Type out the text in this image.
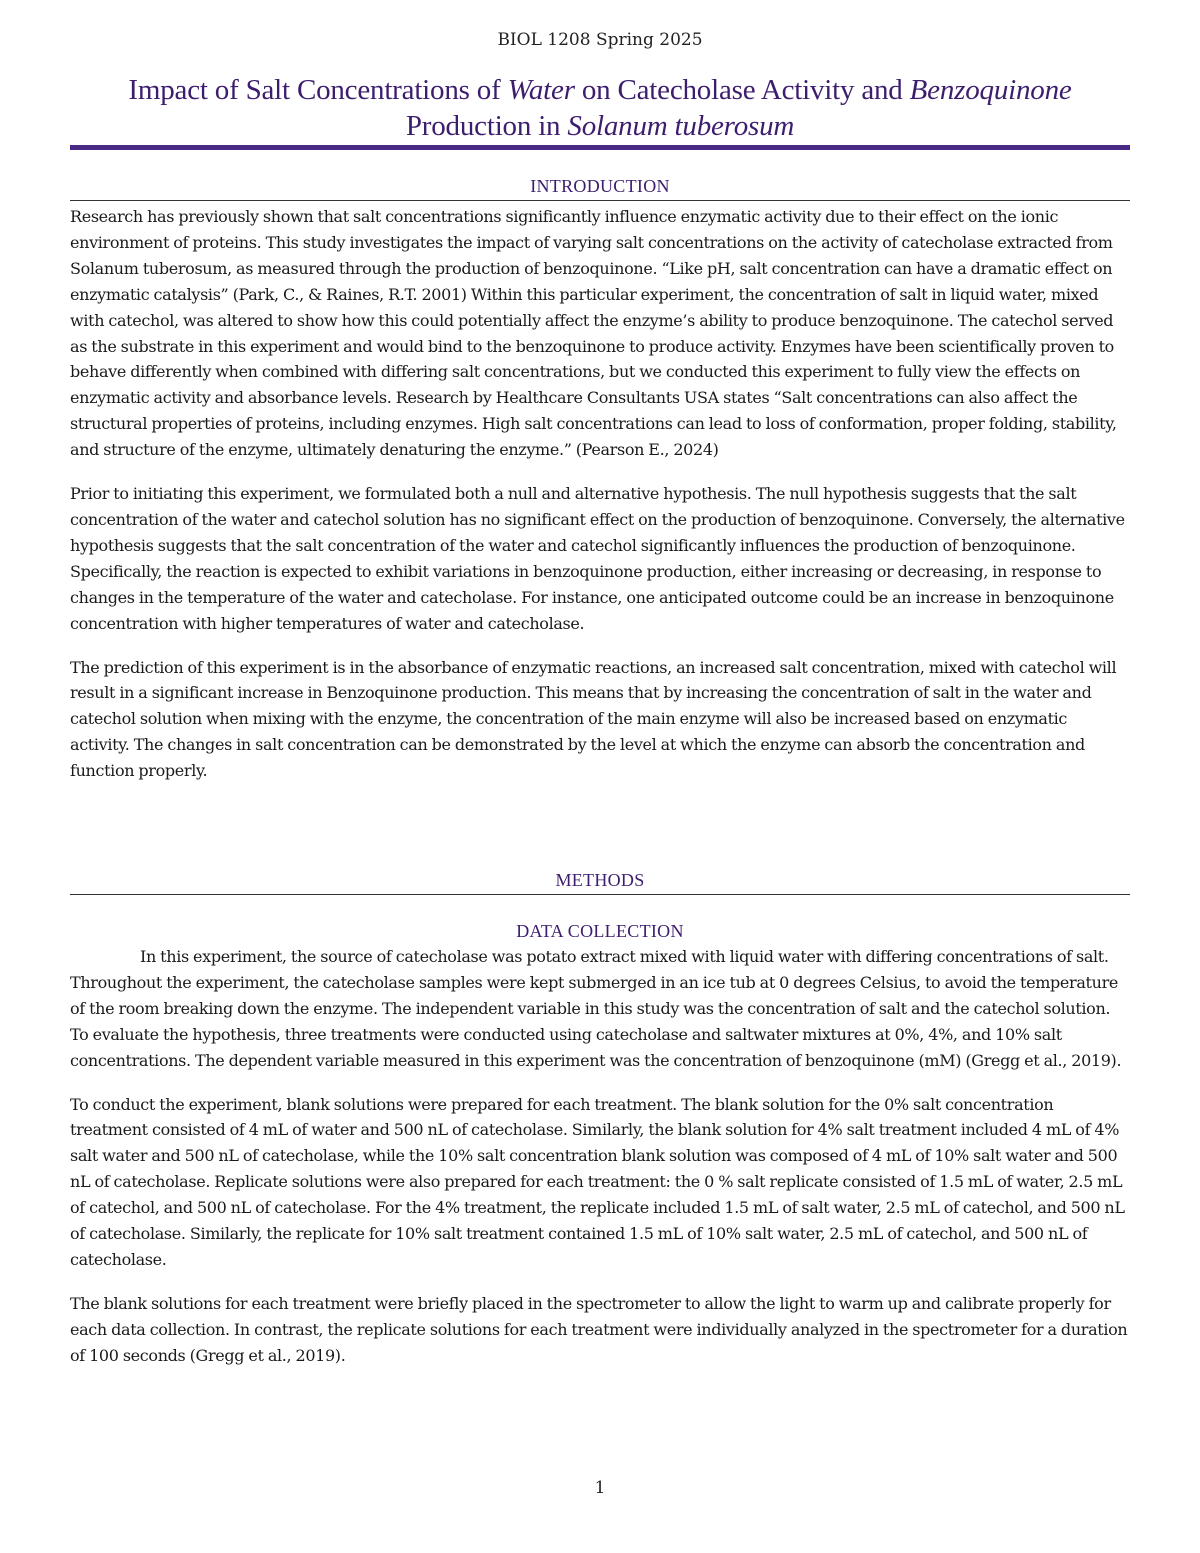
BIOL 1208 Spring 2025
Impact of Salt Concentrations of Water on Catecholase Activity and Benzoquinone
Production in Solanum tuberosum
INTRODUCTION

Research has previously shown that salt concentrations significantly influence enzymatic activity due to their effect on the ionic environment of proteins. This study investigates the impact of varying salt concentrations on the activity of catecholase extracted from Solanum tuberosum, as measured through the production of benzoquinone. “Like pH, salt concentration can have a dramatic effect on enzymatic catalysis” (Park, C., & Raines, R.T. 2001) Within this particular experiment, the concentration of salt in liquid water, mixed with catechol, was altered to show how this could potentially affect the enzyme’s ability to produce benzoquinone. The catechol served as the substrate in this experiment and would bind to the benzoquinone to produce activity. Enzymes have been scientifically proven to behave differently when combined with differing salt concentrations, but we conducted this experiment to fully view the effects on enzymatic activity and absorbance levels. Research by Healthcare Consultants USA states “Salt concentrations can also affect the structural properties of proteins, including enzymes. High salt concentrations can lead to loss of conformation, proper folding, stability, and structure of the enzyme, ultimately denaturing the enzyme.” (Pearson E., 2024)

Prior to initiating this experiment, we formulated both a null and alternative hypothesis. The null hypothesis suggests that the salt concentration of the water and catechol solution has no significant effect on the production of benzoquinone. Conversely, the alternative hypothesis suggests that the salt concentration of the water and catechol significantly influences the production of benzoquinone. Specifically, the reaction is expected to exhibit variations in benzoquinone production, either increasing or decreasing, in response to changes in the temperature of the water and catecholase. For instance, one anticipated outcome could be an increase in benzoquinone concentration with higher temperatures of water and catecholase.

The prediction of this experiment is in the absorbance of enzymatic reactions, an increased salt concentration, mixed with catechol will result in a significant increase in Benzoquinone production. This means that by increasing the concentration of salt in the water and catechol solution when mixing with the enzyme, the concentration of the main enzyme will also be increased based on enzymatic activity. The changes in salt concentration can be demonstrated by the level at which the enzyme can absorb the concentration and function properly.

METHODS
DATA COLLECTION

In this experiment, the source of catecholase was potato extract mixed with liquid water with differing concentrations of salt. Throughout the experiment, the catecholase samples were kept submerged in an ice tub at 0 degrees Celsius, to avoid the temperature of the room breaking down the enzyme. The independent variable in this study was the concentration of salt and the catechol solution. To evaluate the hypothesis, three treatments were conducted using catecholase and saltwater mixtures at 0%, 4%, and 10% salt concentrations. The dependent variable measured in this experiment was the concentration of benzoquinone (mM) (Gregg et al., 2019).

To conduct the experiment, blank solutions were prepared for each treatment. The blank solution for the 0% salt concentration treatment consisted of 4 mL of water and 500 nL of catecholase. Similarly, the blank solution for 4% salt treatment included 4 mL of 4% salt water and 500 nL of catecholase, while the 10% salt concentration blank solution was composed of 4 mL of 10% salt water and 500 nL of catecholase. Replicate solutions were also prepared for each treatment: the 0 % salt replicate consisted of 1.5 mL of water, 2.5 mL of catechol, and 500 nL of catecholase. For the 4% treatment, the replicate included 1.5 mL of salt water, 2.5 mL of catechol, and 500 nL of catecholase. Similarly, the replicate for 10% salt treatment contained 1.5 mL of 10% salt water, 2.5 mL of catechol, and 500 nL of catecholase.

The blank solutions for each treatment were briefly placed in the spectrometer to allow the light to warm up and calibrate properly for each data collection. In contrast, the replicate solutions for each treatment were individually analyzed in the spectrometer for a duration of 100 seconds (Gregg et al., 2019).

1
